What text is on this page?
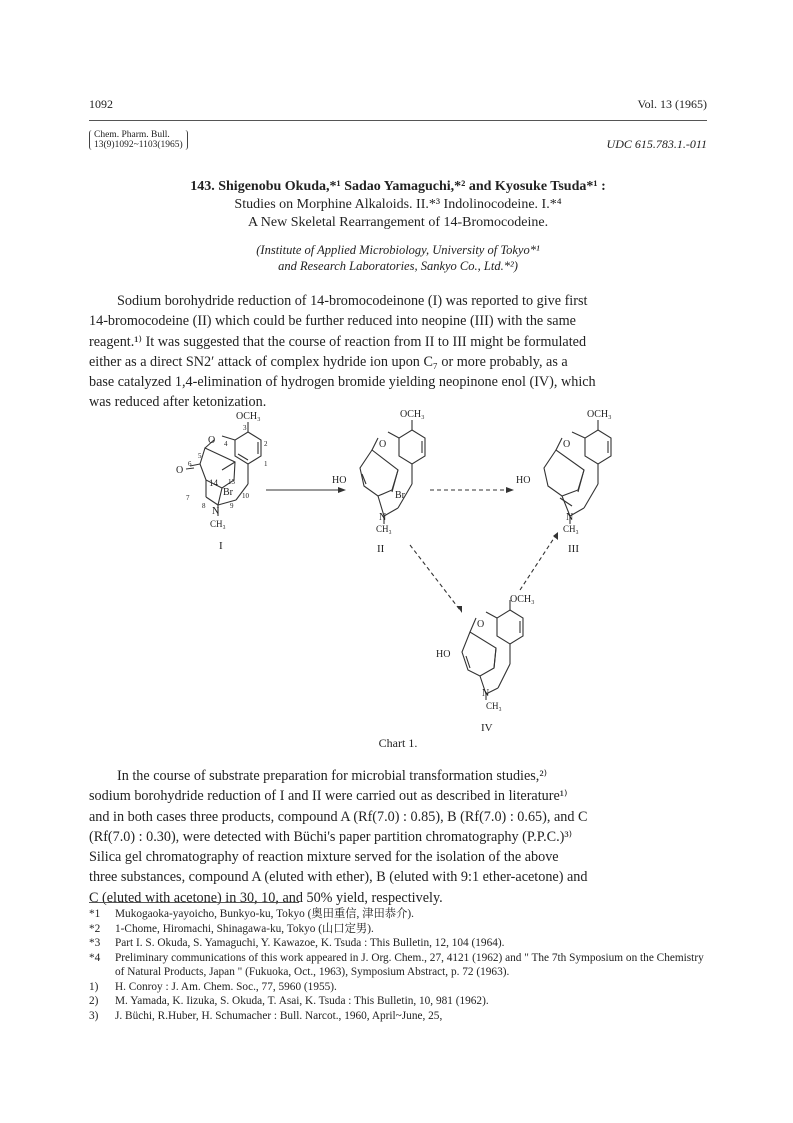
1092	Vol. 13 (1965)
Chem. Pharm. Bull.
13(9)1092~1103(1965)	UDC 615.783.1.-011
143. Shigenobu Okuda,*¹ Sadao Yamaguchi,*² and Kyosuke Tsuda*¹ :
Studies on Morphine Alkaloids. II.*³ Indolinocodeine. I.*⁴
A New Skeletal Rearrangement of 14-Bromocodeine.
(Institute of Applied Microbiology, University of Tokyo*¹
and Research Laboratories, Sankyo Co., Ltd.*²)
Sodium borohydride reduction of 14-bromocodeinone (I) was reported to give first
14-bromocodeine (II) which could be further reduced into neopine (III) with the same
reagent.¹⁾ It was suggested that the course of reaction from II to III might be formulated
either as a direct SN2′ attack of complex hydride ion upon C₇ or more probably, as a
base catalyzed 1,4-elimination of hydrogen bromide yielding neopinone enol (IV), which
was reduced after ketonization.
OCH₃
O
O
14
Br
N
CH₃
I
3
2
1
4
5
6
7
8	9
10
13
OCH₃
O
HO
Br
N
CH₃
II
OCH₃
O
HO
N
CH₃
III
OCH₃
O
HO
N
CH₃
IV
Chart 1.
In the course of substrate preparation for microbial transformation studies,²⁾
sodium borohydride reduction of I and II were carried out as described in literature¹⁾
and in both cases three products, compound A (Rf(7.0) : 0.85), B (Rf(7.0) : 0.65), and C
(Rf(7.0) : 0.30), were detected with Büchi's paper partition chromatography (P.P.C.)³⁾
Silica gel chromatography of reaction mixture served for the isolation of the above
three substances, compound A (eluted with ether), B (eluted with 9:1 ether-acetone) and
C (eluted with acetone) in 30, 10, and 50% yield, respectively.
*1	Mukogaoka-yayoicho, Bunkyo-ku, Tokyo (奥田重信, 津田恭介).
*2	1-Chome, Hiromachi, Shinagawa-ku, Tokyo (山口定男).
*3	Part I. S. Okuda, S. Yamaguchi, Y. Kawazoe, K. Tsuda : This Bulletin, 12, 104 (1964).
*4	Preliminary communications of this work appeared in J. Org. Chem., 27, 4121 (1962) and " The 7th Symposium on the Chemistry of Natural Products, Japan " (Fukuoka, Oct., 1963), Symposium Abstract, p. 72 (1963).
1)	H. Conroy : J. Am. Chem. Soc., 77, 5960 (1955).
2)	M. Yamada, K. Iizuka, S. Okuda, T. Asai, K. Tsuda : This Bulletin, 10, 981 (1962).
3)	J. Büchi, R.Huber, H. Schumacher : Bull. Narcot., 1960, April~June, 25,
